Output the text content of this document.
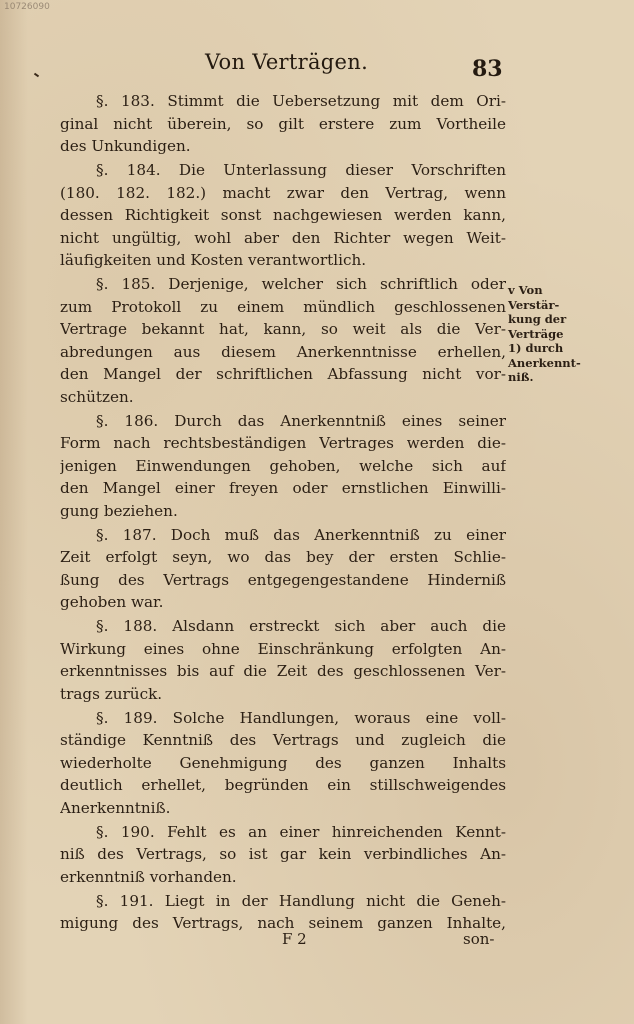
10726090
Von Verträgen.	83
§. 183. Stimmt die Uebersetzung mit dem Ori-
ginal nicht überein, so gilt erstere zum Vortheile
des Unkundigen.
§. 184. Die Unterlassung dieser Vorschriften
(180. 182. 182.) macht zwar den Vertrag, wenn
dessen Richtigkeit sonst nachgewiesen werden kann,
nicht ungültig, wohl aber den Richter wegen Weit-
läufigkeiten und Kosten verantwortlich.
§. 185. Derjenige, welcher sich schriftlich oder
zum Protokoll zu einem mündlich geschlossenen
Vertrage bekannt hat, kann, so weit als die Ver-
abredungen aus diesem Anerkenntnisse erhellen,
den Mangel der schriftlichen Abfassung nicht vor-
schützen.
§. 186. Durch das Anerkenntniß eines seiner
Form nach rechtsbeständigen Vertrages werden die-
jenigen Einwendungen gehoben, welche sich auf
den Mangel einer freyen oder ernstlichen Einwilli-
gung beziehen.
§. 187. Doch muß das Anerkenntniß zu einer
Zeit erfolgt seyn, wo das bey der ersten Schlie-
ßung des Vertrags entgegengestandene Hinderniß
gehoben war.
§. 188. Alsdann erstreckt sich aber auch die
Wirkung eines ohne Einschränkung erfolgten An-
erkenntnisses bis auf die Zeit des geschlossenen Ver-
trags zurück.
§. 189. Solche Handlungen, woraus eine voll-
ständige Kenntniß des Vertrags und zugleich die
wiederholte Genehmigung des ganzen Inhalts
deutlich erhellet, begründen ein stillschweigendes
Anerkenntniß.
§. 190. Fehlt es an einer hinreichenden Kennt-
niß des Vertrags, so ist gar kein verbindliches An-
erkenntniß vorhanden.
§. 191. Liegt in der Handlung nicht die Geneh-
migung des Vertrags, nach seinem ganzen Inhalte,
v Von
Verstär-
kung der
Verträge
1) durch
Anerkennt-
niß.
F 2	son-
